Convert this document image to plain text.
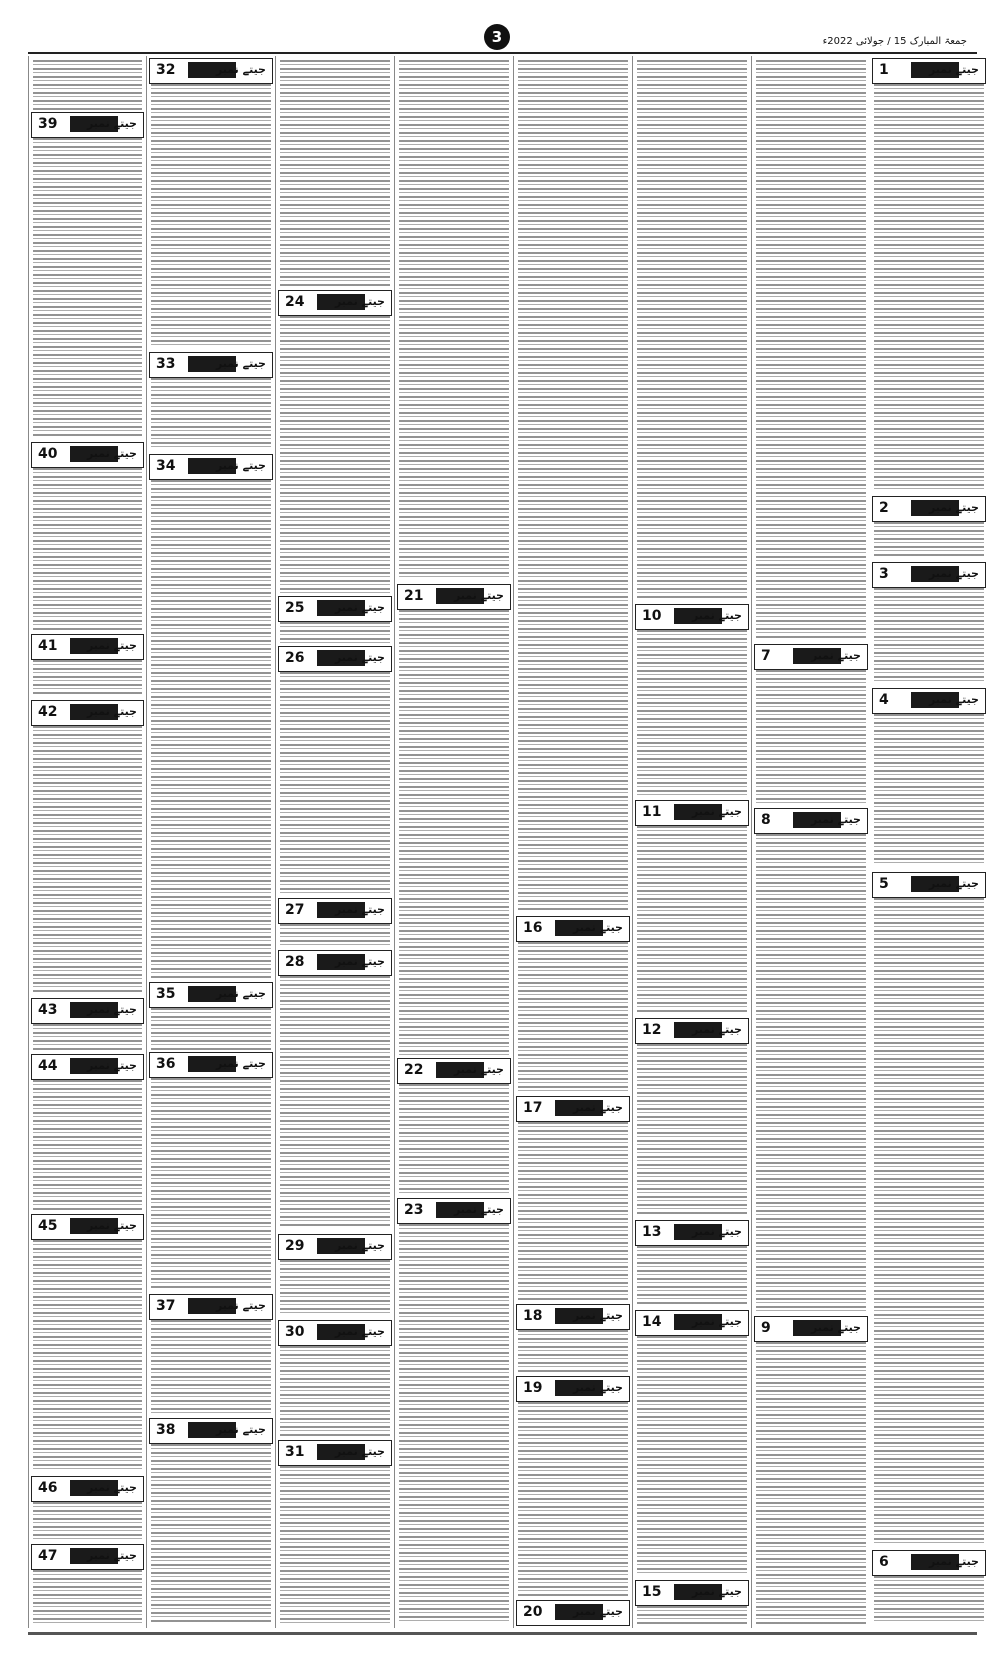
3	جمعۃ المبارک 15 / جولائی 2022ء
1	جیتے نمبر
2	جیتے نمبر
3	جیتے نمبر
4	جیتے نمبر
5	جیتے نمبر
6	جیتے نمبر
7	جیتے نمبر
8	جیتے نمبر
9	جیتے نمبر
10	جیتے نمبر
11	جیتے نمبر
12	جیتے نمبر
13	جیتے نمبر
14	جیتے نمبر
15	جیتے نمبر
16	جیتے نمبر
17	جیتے نمبر
18	جیتے نمبر
19	جیتے نمبر
20	جیتے نمبر
21	جیتے نمبر
22	جیتے نمبر
23	جیتے نمبر
24	جیتے نمبر
25	جیتے نمبر
26	جیتے نمبر
27	جیتے نمبر
28	جیتے نمبر
29	جیتے نمبر
30	جیتے نمبر
31	جیتے نمبر
32	جیتے نمبر
33	جیتے نمبر
34	جیتے نمبر
35	جیتے نمبر
36	جیتے نمبر
37	جیتے نمبر
38	جیتے نمبر
39	جیتے نمبر
40	جیتے نمبر
41	جیتے نمبر
42	جیتے نمبر
43	جیتے نمبر
44	جیتے نمبر
45	جیتے نمبر
46	جیتے نمبر
47	جیتے نمبر
